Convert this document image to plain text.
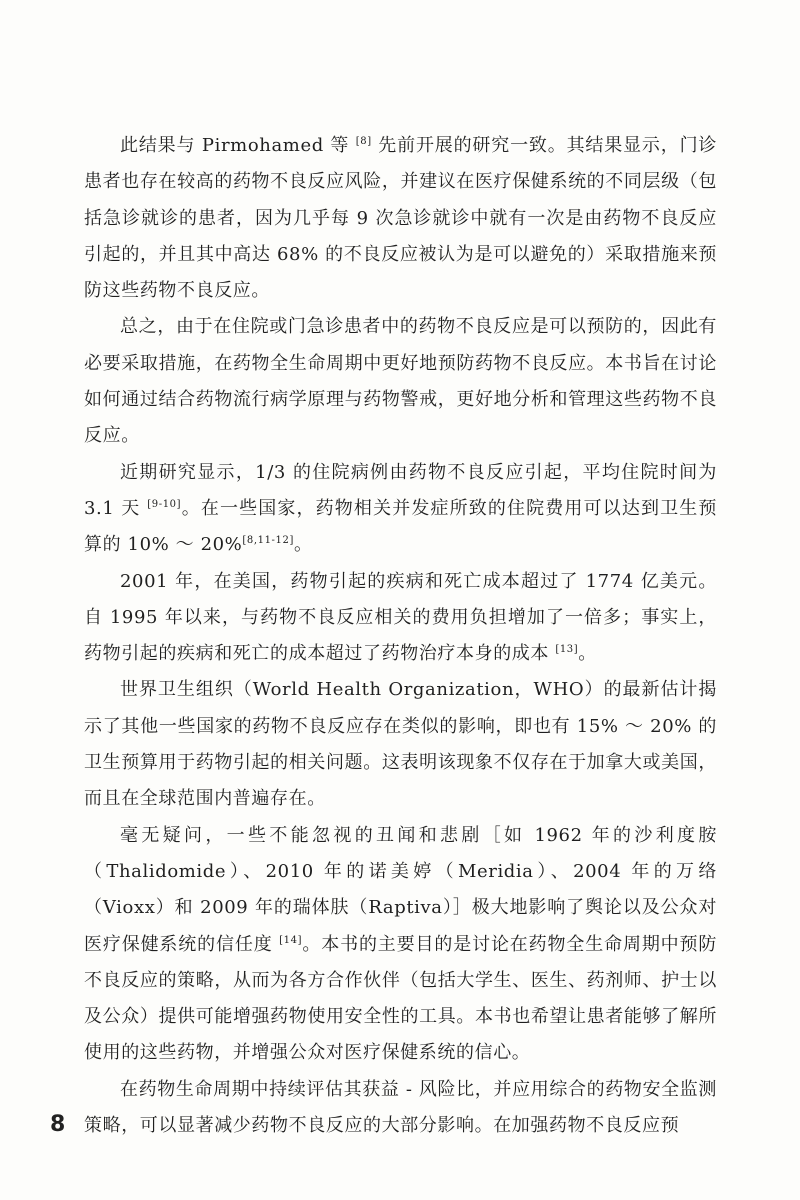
此结果与 Pirmohamed 等 [8] 先前开展的研究一致。其结果显示，门诊患者也存在较高的药物不良反应风险，并建议在医疗保健系统的不同层级（包括急诊就诊的患者，因为几乎每 9 次急诊就诊中就有一次是由药物不良反应引起的，并且其中高达 68% 的不良反应被认为是可以避免的）采取措施来预防这些药物不良反应。

总之，由于在住院或门急诊患者中的药物不良反应是可以预防的，因此有必要采取措施，在药物全生命周期中更好地预防药物不良反应。本书旨在讨论如何通过结合药物流行病学原理与药物警戒，更好地分析和管理这些药物不良反应。

近期研究显示，1/3 的住院病例由药物不良反应引起，平均住院时间为 3.1 天 [9-10]。在一些国家，药物相关并发症所致的住院费用可以达到卫生预算的 10% ～ 20%[8,11-12]。

2001 年，在美国，药物引起的疾病和死亡成本超过了 1774 亿美元。自 1995 年以来，与药物不良反应相关的费用负担增加了一倍多；事实上，药物引起的疾病和死亡的成本超过了药物治疗本身的成本 [13]。

世界卫生组织（World Health Organization，WHO）的最新估计揭示了其他一些国家的药物不良反应存在类似的影响，即也有 15% ～ 20% 的卫生预算用于药物引起的相关问题。这表明该现象不仅存在于加拿大或美国，而且在全球范围内普遍存在。

毫无疑问，一些不能忽视的丑闻和悲剧［如 1962 年的沙利度胺（Thalidomide）、2010 年的诺美婷（Meridia）、2004 年的万络（Vioxx）和 2009 年的瑞体肤（Raptiva）］极大地影响了舆论以及公众对医疗保健系统的信任度 [14]。本书的主要目的是讨论在药物全生命周期中预防不良反应的策略，从而为各方合作伙伴（包括大学生、医生、药剂师、护士以及公众）提供可能增强药物使用安全性的工具。本书也希望让患者能够了解所使用的这些药物，并增强公众对医疗保健系统的信心。

在药物生命周期中持续评估其获益 - 风险比，并应用综合的药物安全监测策略，可以显著减少药物不良反应的大部分影响。在加强药物不良反应预

8
